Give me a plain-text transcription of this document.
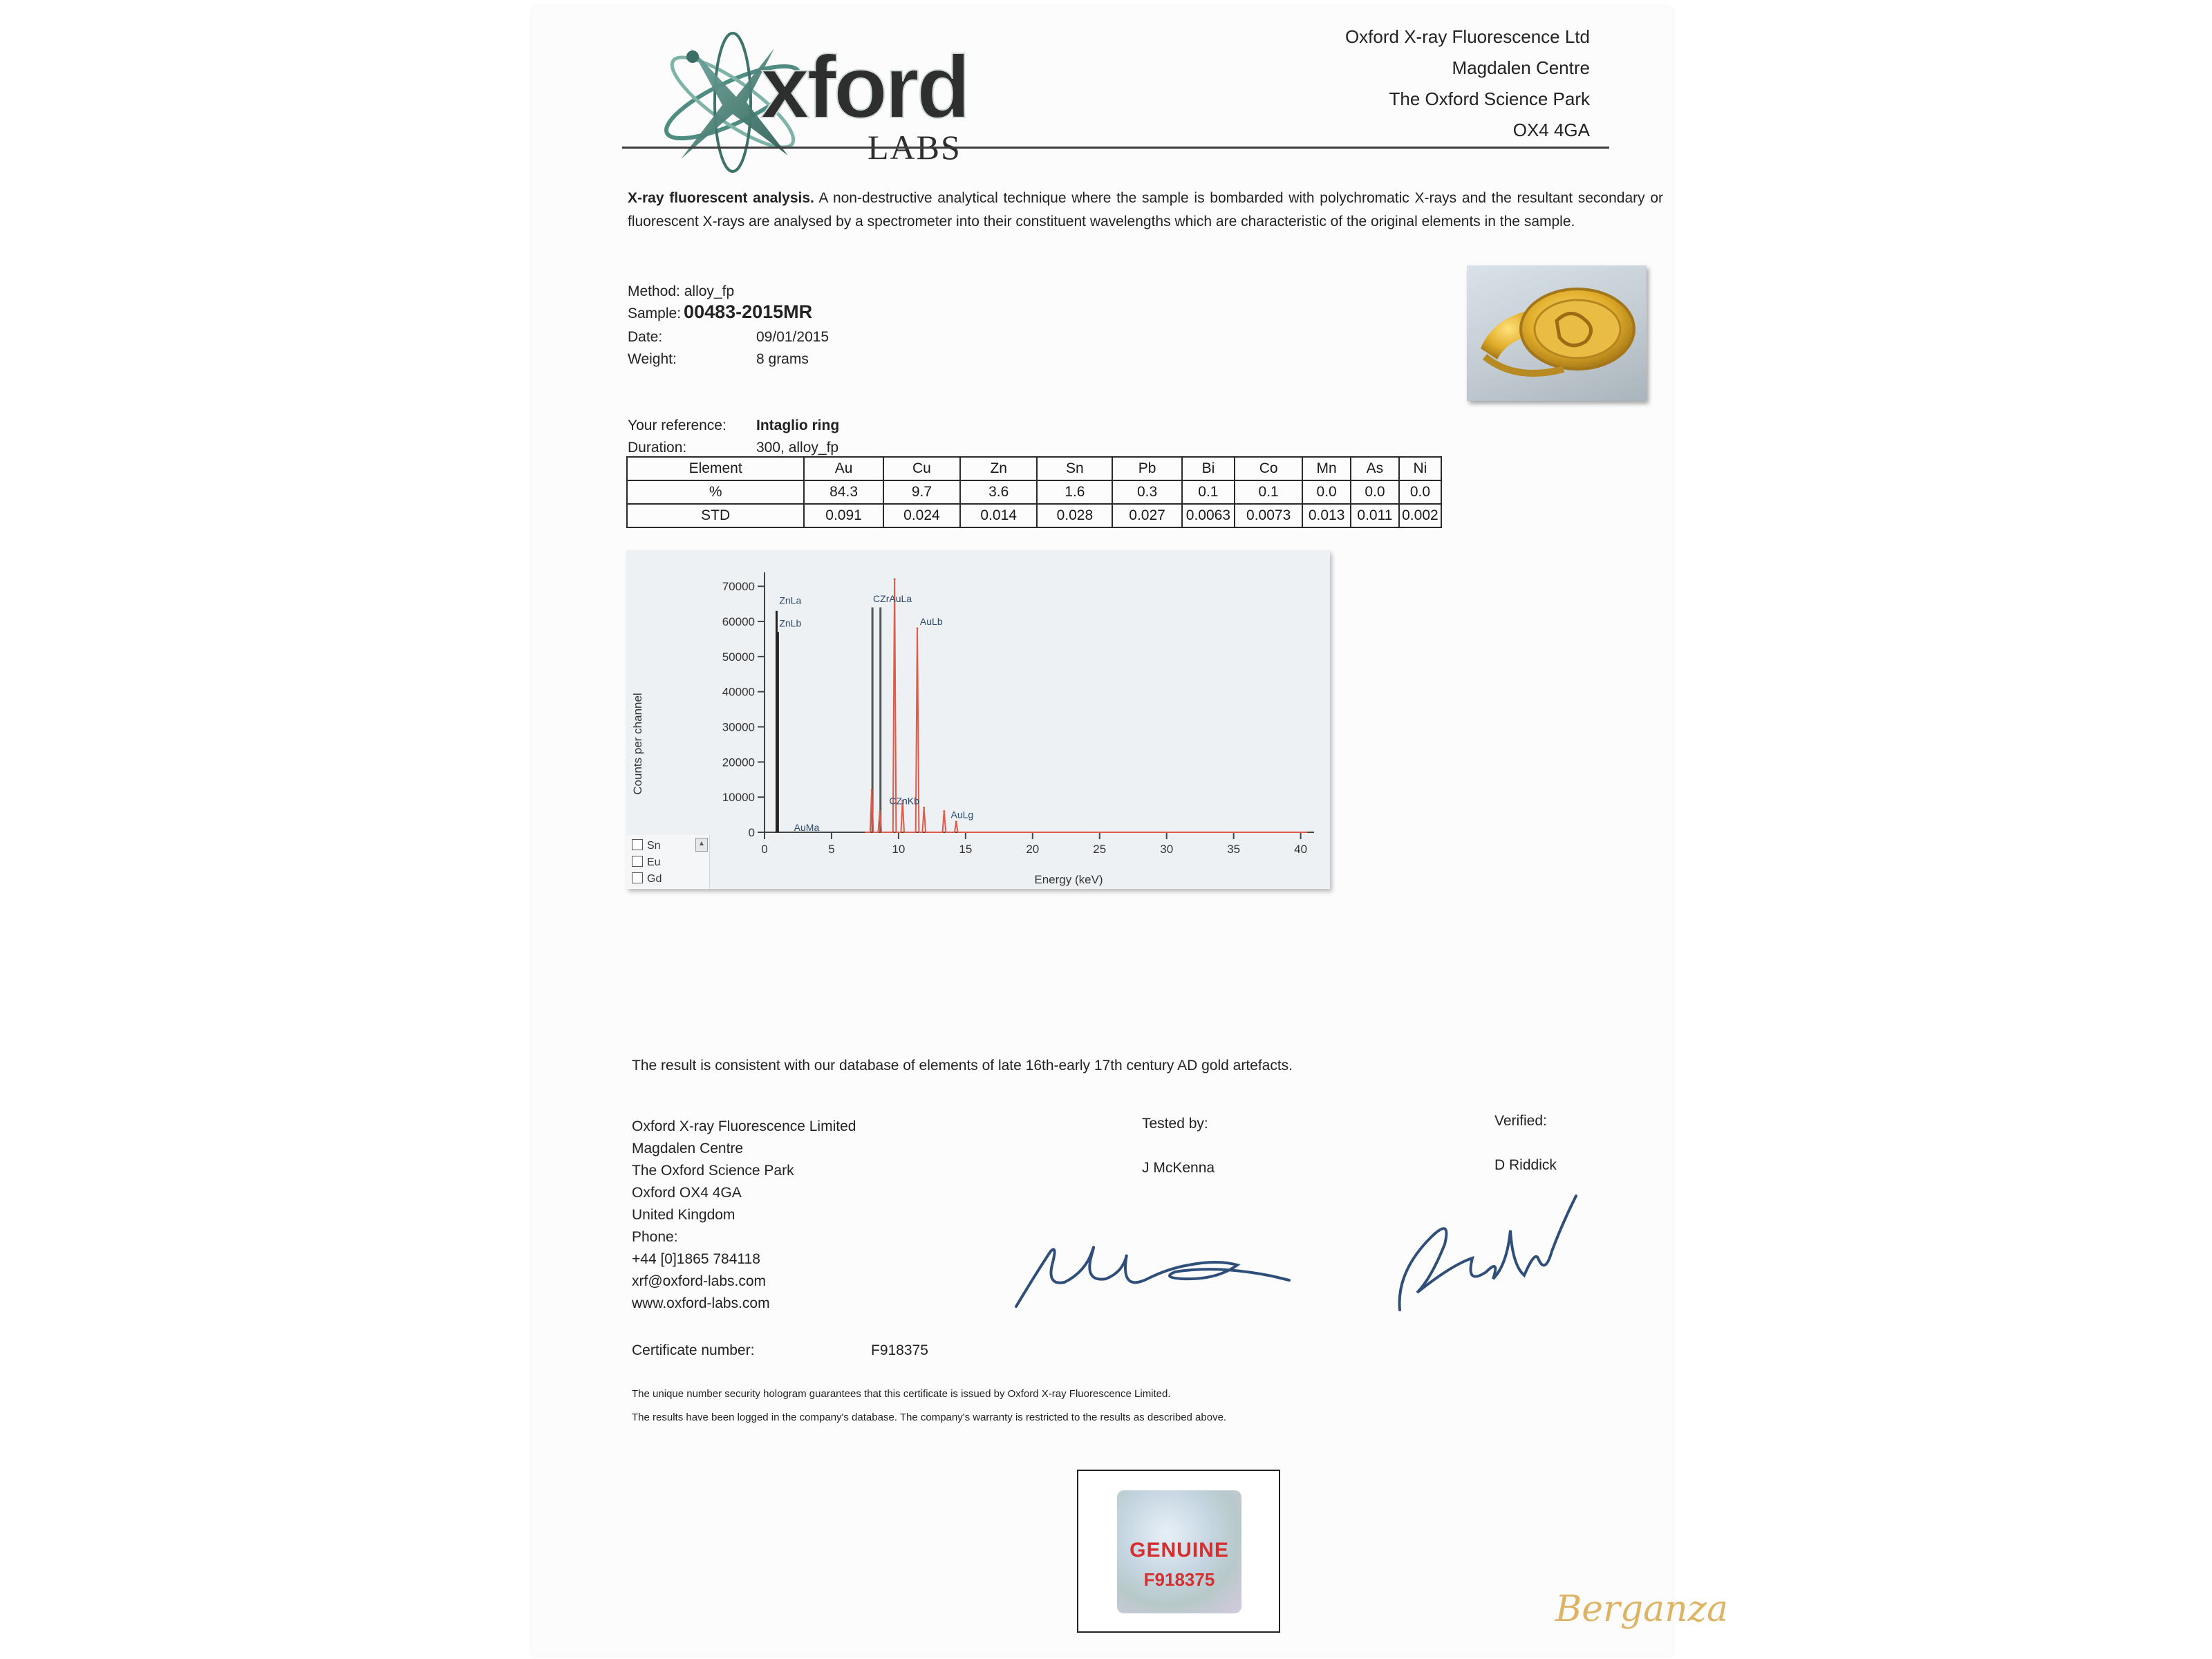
xford
LABS
Oxford X-ray Fluorescence Ltd
Magdalen Centre
The Oxford Science Park
OX4 4GA
X-ray fluorescent analysis. A non-destructive analytical technique where the sample is bombarded with polychromatic X-rays and the resultant secondary or fluorescent X-rays are analysed by a spectrometer into their constituent wavelengths which are characteristic of the original elements in the sample.
Method: alloy_fp
Sample: 00483-2015MR
Date:	09/01/2015
Weight:	8 grams
Your reference: Intaglio ring
Duration:	300, alloy_fp
Element	Au	Cu	Zn	Sn	Pb	Bi	Co	Mn	As	Ni
%	84.3	9.7	3.6	1.6	0.3	0.1	0.1	0.0	0.0	0.0
STD	0.091	0.024	0.014	0.028	0.027	0.0063	0.0073	0.013	0.011	0.002
0
10000
20000
30000
40000
50000
60000
70000
0	5	10	15	20	25	30	35	40
ZnLa
ZnLb
CZrAuLa
AuLb
CZnKb
AuLg
AuMa
Counts per channel
Energy (keV)
Sn
Eu
Gd
▲
The result is consistent with our database of elements of late 16th-early 17th century AD gold artefacts.
Oxford X-ray Fluorescence Limited
Magdalen Centre
The Oxford Science Park
Oxford OX4 4GA
United Kingdom
Phone:
+44 [0]1865 784118
xrf@oxford-labs.com
www.oxford-labs.com
Tested by:
J McKenna
Verified:
D Riddick
Certificate number:	F918375
The unique number security hologram guarantees that this certificate is issued by Oxford X-ray Fluorescence Limited.
The results have been logged in the company's database. The company's warranty is restricted to the results as described above.
GENUINE
F918375
Berganza
